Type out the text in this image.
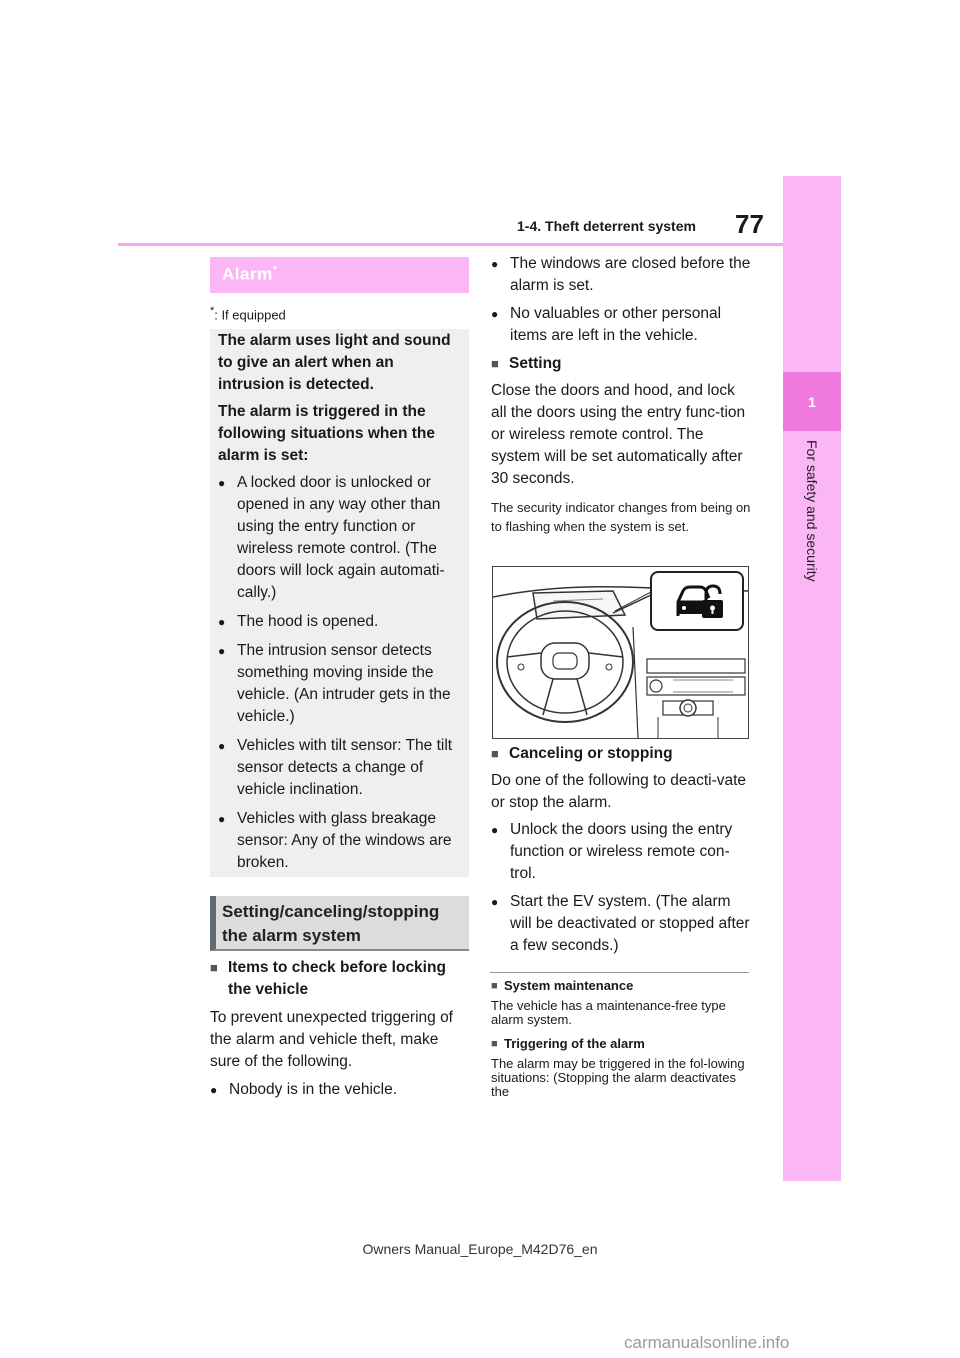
1
For safety and security
1-4. Theft deterrent system 77
Alarm*
*: If equipped

The alarm uses light and sound to give an alert when an intrusion is detected.

The alarm is triggered in the following situations when the alarm is set:

● A locked door is unlocked or opened in any way other than using the entry function or wireless remote control. (The doors will lock again automati-cally.)

● The hood is opened.

● The intrusion sensor detects something moving inside the vehicle. (An intruder gets in the vehicle.)

● Vehicles with tilt sensor: The tilt sensor detects a change of vehicle inclination.

● Vehicles with glass breakage sensor: Any of the windows are broken.

Setting/canceling/stopping
the alarm system

■ Items to check before locking the vehicle

To prevent unexpected triggering of the alarm and vehicle theft, make sure of the following.

● Nobody is in the vehicle.

● The windows are closed before the alarm is set.

● No valuables or other personal items are left in the vehicle.

■ Setting

Close the doors and hood, and lock all the doors using the entry func-tion or wireless remote control. The system will be set automatically after 30 seconds.

The security indicator changes from being on to flashing when the system is set.

■ Canceling or stopping

Do one of the following to deacti-vate or stop the alarm.

● Unlock the doors using the entry function or wireless remote con-trol.

● Start the EV system. (The alarm will be deactivated or stopped after a few seconds.)

■ System maintenance

The vehicle has a maintenance-free type alarm system.

■ Triggering of the alarm

The alarm may be triggered in the fol-lowing situations: (Stopping the alarm deactivates the

Owners Manual_Europe_M42D76_en
carmanualsonline.info
